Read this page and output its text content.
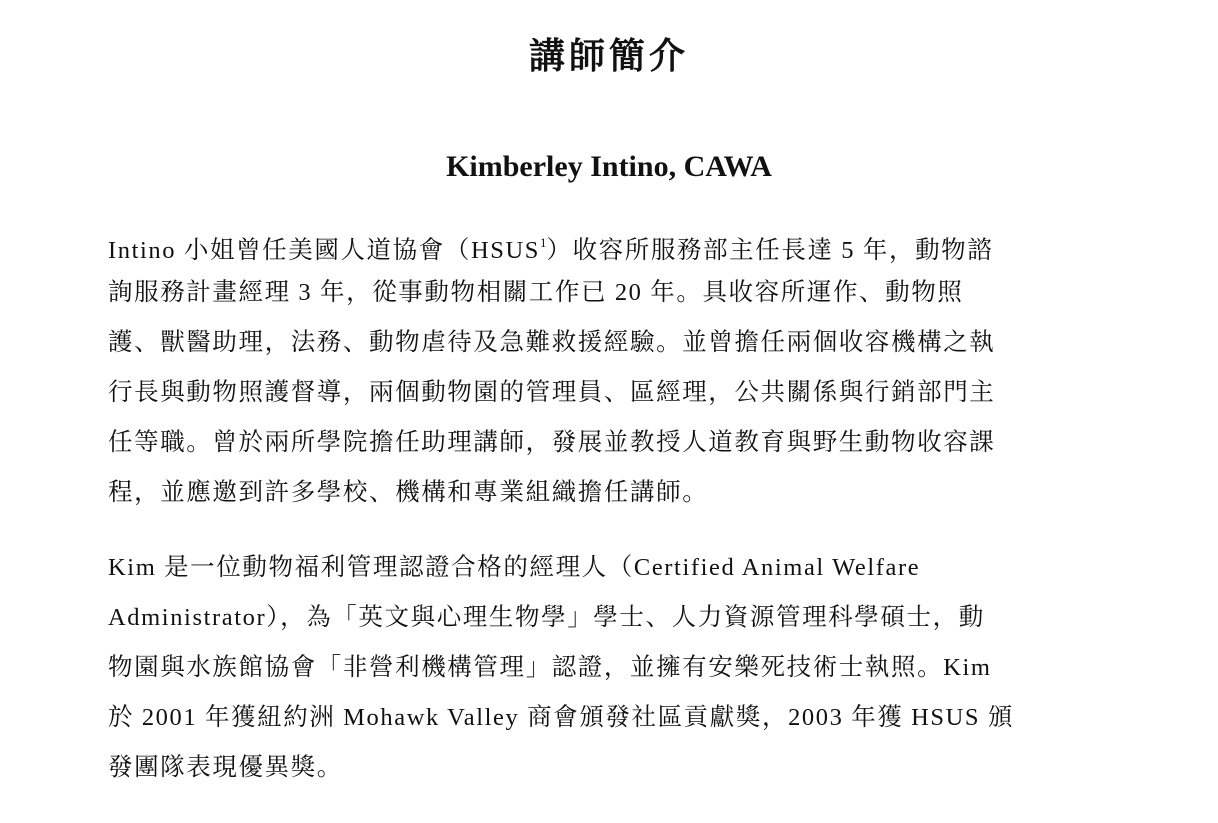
講師簡介
Kimberley Intino, CAWA

Intino 小姐曾任美國人道協會（HSUS$^1$）收容所服務部主任長達 5 年，動物諮

詢服務計畫經理 3 年，從事動物相關工作已 20 年。具收容所運作、動物照

護、獸醫助理，法務、動物虐待及急難救援經驗。並曾擔任兩個收容機構之執

行長與動物照護督導，兩個動物園的管理員、區經理，公共關係與行銷部門主

任等職。曾於兩所學院擔任助理講師，發展並教授人道教育與野生動物收容課

程，並應邀到許多學校、機構和專業組織擔任講師。

Kim 是一位動物福利管理認證合格的經理人（Certified Animal Welfare

Administrator），為「英文與心理生物學」學士、人力資源管理科學碩士，動

物園與水族館協會「非營利機構管理」認證，並擁有安樂死技術士執照。Kim

於 2001 年獲紐約洲 Mohawk Valley 商會頒發社區貢獻獎，2003 年獲 HSUS 頒

發團隊表現優異獎。
